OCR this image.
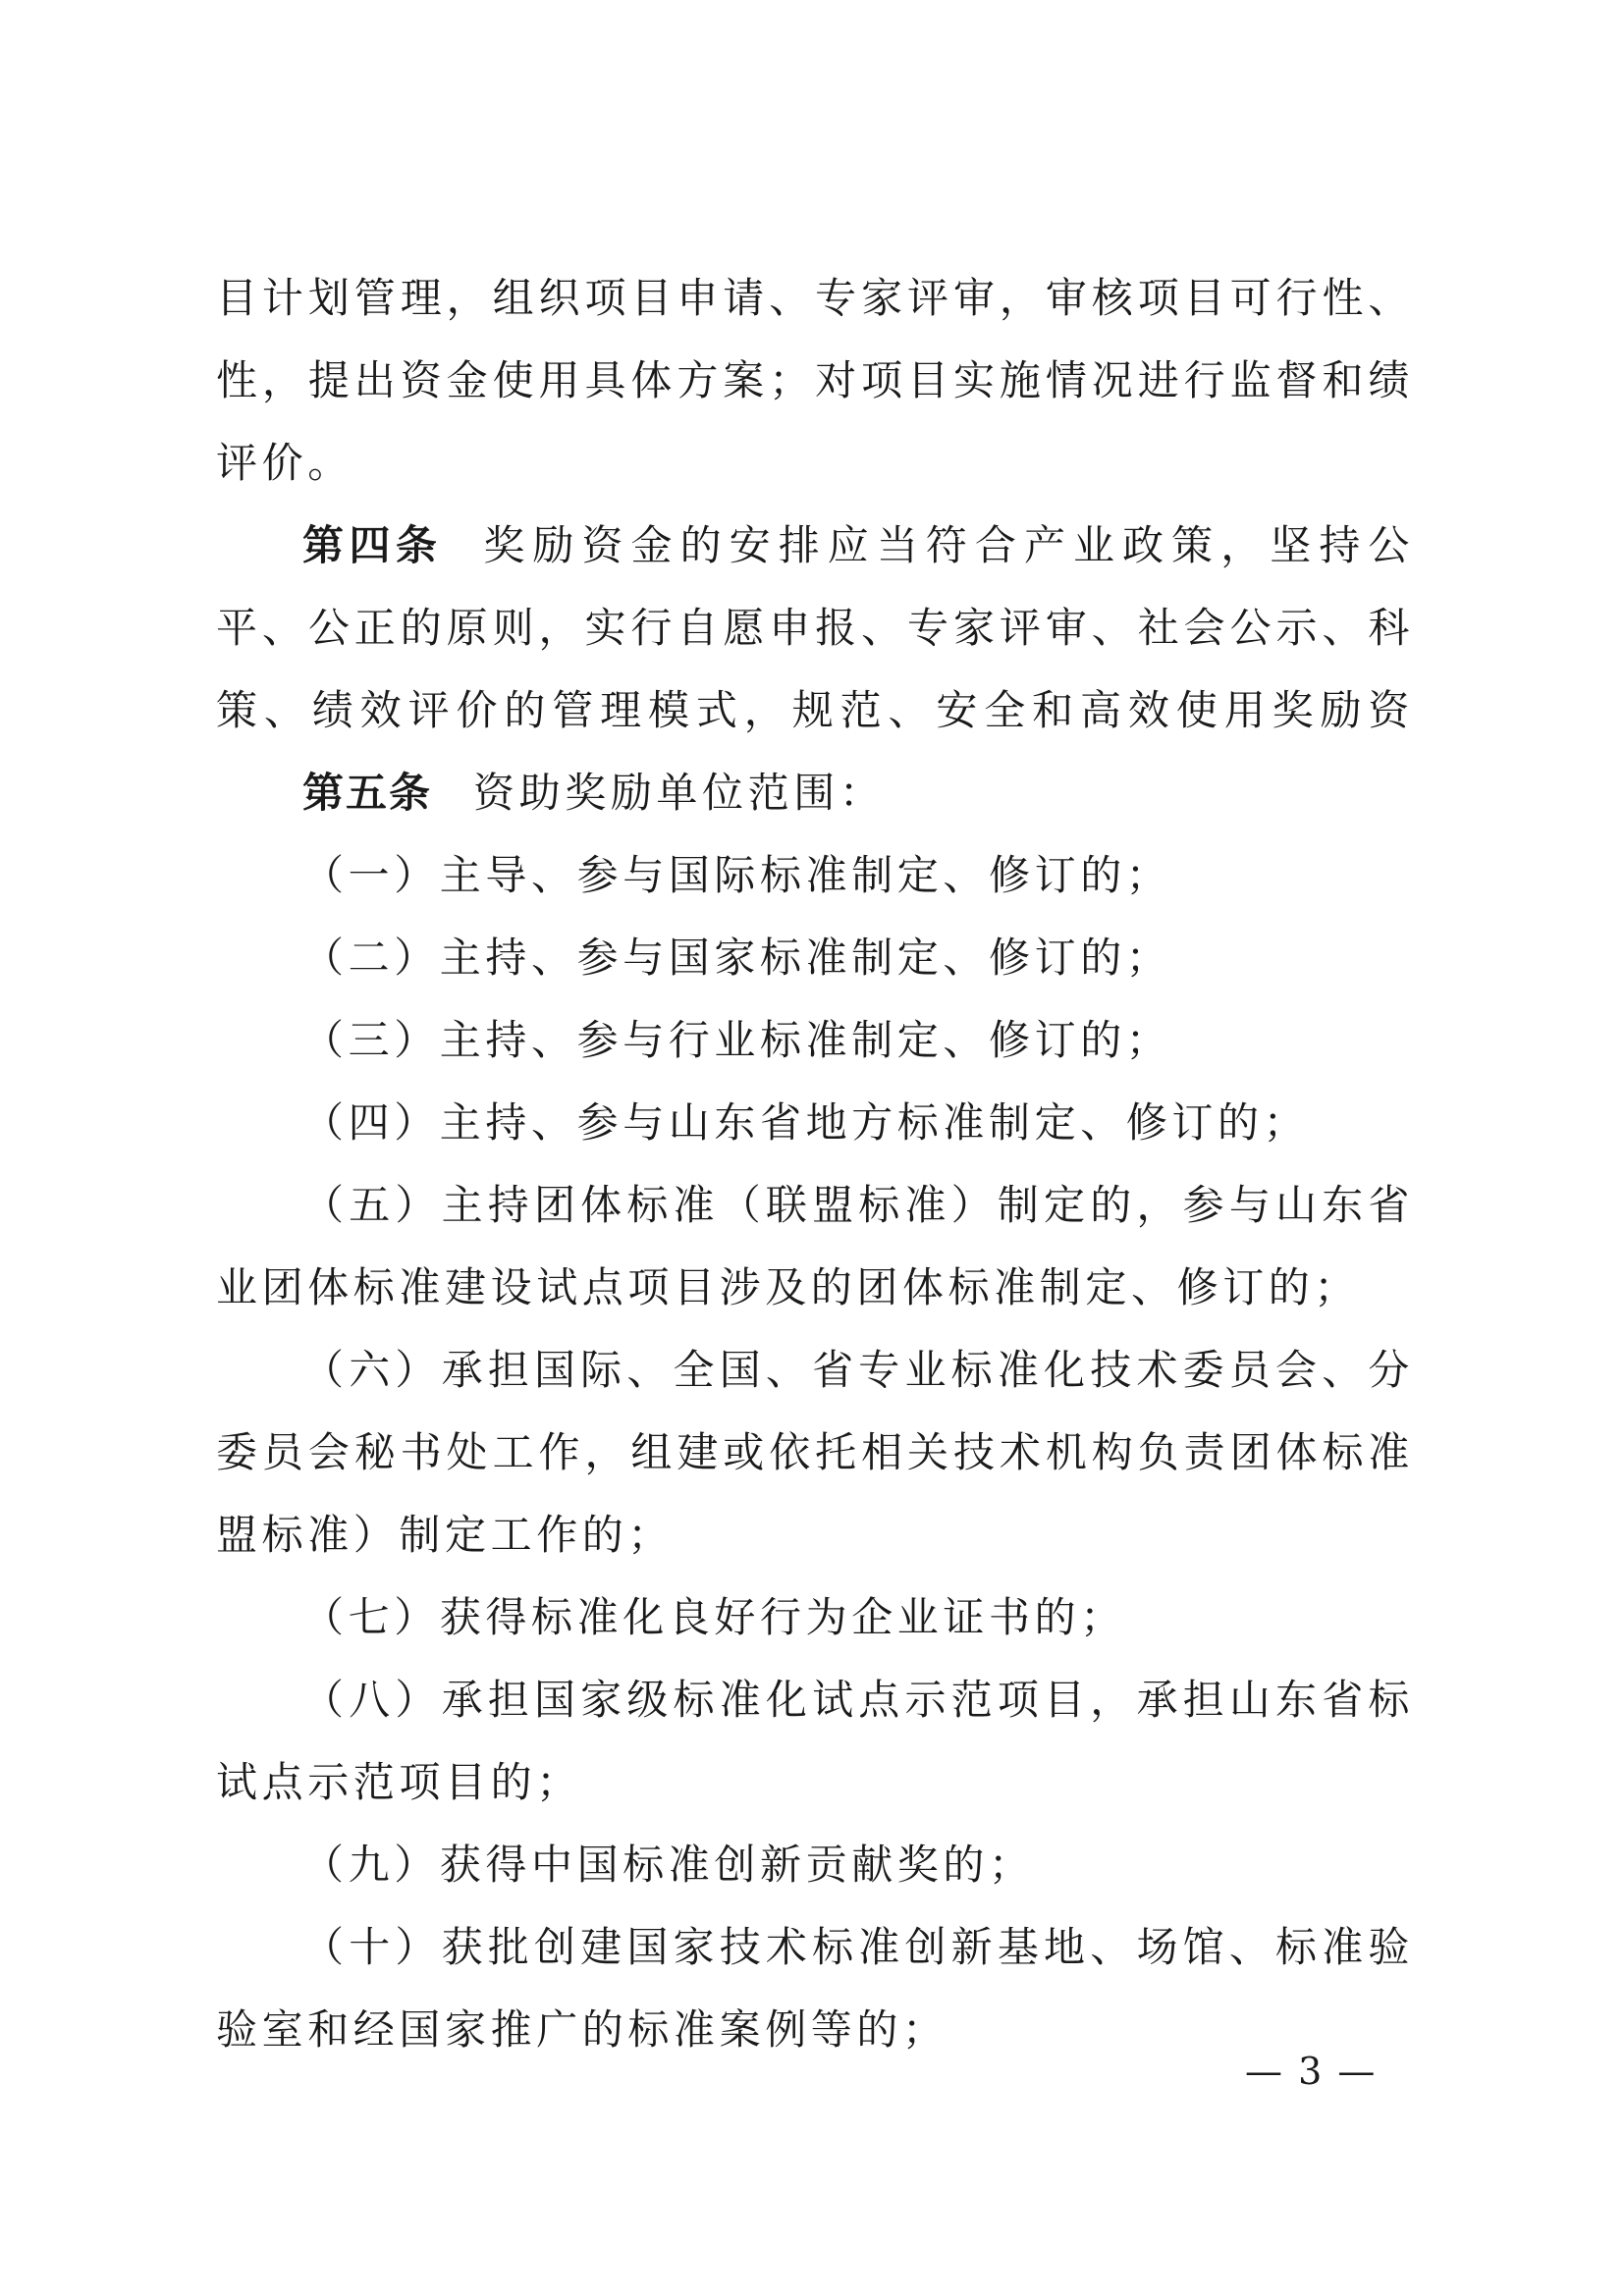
目计划管理，组织项目申请、专家评审，审核项目可行性、
性，提出资金使用具体方案；对项目实施情况进行监督和绩
评价。
第四条 奖励资金的安排应当符合产业政策，坚持公
平、公正的原则，实行自愿申报、专家评审、社会公示、科
策、绩效评价的管理模式，规范、安全和高效使用奖励资
第五条 资助奖励单位范围：
（一）主导、参与国际标准制定、修订的；
（二）主持、参与国家标准制定、修订的；
（三）主持、参与行业标准制定、修订的；
（四）主持、参与山东省地方标准制定、修订的；
（五）主持团体标准（联盟标准）制定的，参与山东省
业团体标准建设试点项目涉及的团体标准制定、修订的；
（六）承担国际、全国、省专业标准化技术委员会、分
委员会秘书处工作，组建或依托相关技术机构负责团体标准
盟标准）制定工作的；
（七）获得标准化良好行为企业证书的；
（八）承担国家级标准化试点示范项目，承担山东省标
试点示范项目的；
（九）获得中国标准创新贡献奖的；
（十）获批创建国家技术标准创新基地、场馆、标准验
验室和经国家推广的标准案例等的；
— 3 —
